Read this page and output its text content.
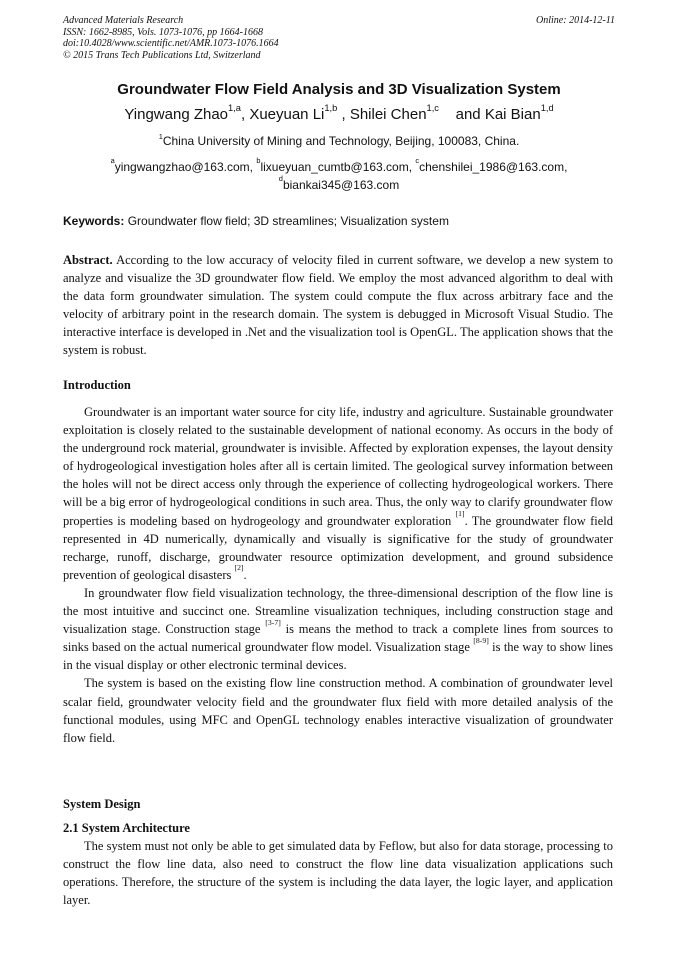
Advanced Materials Research
ISSN: 1662-8985, Vols. 1073-1076, pp 1664-1668
doi:10.4028/www.scientific.net/AMR.1073-1076.1664
© 2015 Trans Tech Publications Ltd, Switzerland
Online: 2014-12-11
Groundwater Flow Field Analysis and 3D Visualization System
Yingwang Zhao$^{1,a}$, Xueyuan Li$^{1,b}$ , Shilei Chen$^{1,c}$ and Kai Bian$^{1,d}$
$^1$China University of Mining and Technology, Beijing, 100083, China.
$^a$yingwangzhao@163.com, $^b$lixueyuan_cumtb@163.com, $^c$chenshilei_1986@163.com,
$^d$biankai345@163.com
Keywords: Groundwater flow field; 3D streamlines; Visualization system

Abstract. According to the low accuracy of velocity filed in current software, we develop a new system to analyze and visualize the 3D groundwater flow field. We employ the most advanced algorithm to deal with the data form groundwater simulation. The system could compute the flux across arbitrary face and the velocity of arbitrary point in the research domain. The system is debugged in Microsoft Visual Studio. The interactive interface is developed in .Net and the visualization tool is OpenGL. The application shows that the system is robust.

Introduction

Groundwater is an important water source for city life, industry and agriculture. Sustainable groundwater exploitation is closely related to the sustainable development of national economy. As occurs in the body of the underground rock material, groundwater is invisible. Affected by exploration expenses, the layout density of hydrogeological investigation holes after all is certain limited. The geological survey information between the holes will not be direct access only through the experience of collecting hydrogeological workers. There will be a big error of hydrogeological conditions in such area. Thus, the only way to clarify groundwater flow properties is modeling based on hydrogeology and groundwater exploration [1]. The groundwater flow field represented in 4D numerically, dynamically and visually is significative for the study of groundwater recharge, runoff, discharge, groundwater resource optimization development, and ground subsidence prevention of geological disasters [2].

In groundwater flow field visualization technology, the three-dimensional description of the flow line is the most intuitive and succinct one. Streamline visualization techniques, including construction stage and visualization stage. Construction stage [3-7] is means the method to track a complete lines from sources to sinks based on the actual numerical groundwater flow model. Visualization stage [8-9] is the way to show lines in the visual display or other electronic terminal devices.

The system is based on the existing flow line construction method. A combination of groundwater level scalar field, groundwater velocity field and the groundwater flux field with more detailed analysis of the functional modules, using MFC and OpenGL technology enables interactive visualization of groundwater flow field.

System Design
2.1 System Architecture

The system must not only be able to get simulated data by Feflow, but also for data storage, processing to construct the flow line data, also need to construct the flow line data visualization applications such operations. Therefore, the structure of the system is including the data layer, the logic layer, and application layer.
